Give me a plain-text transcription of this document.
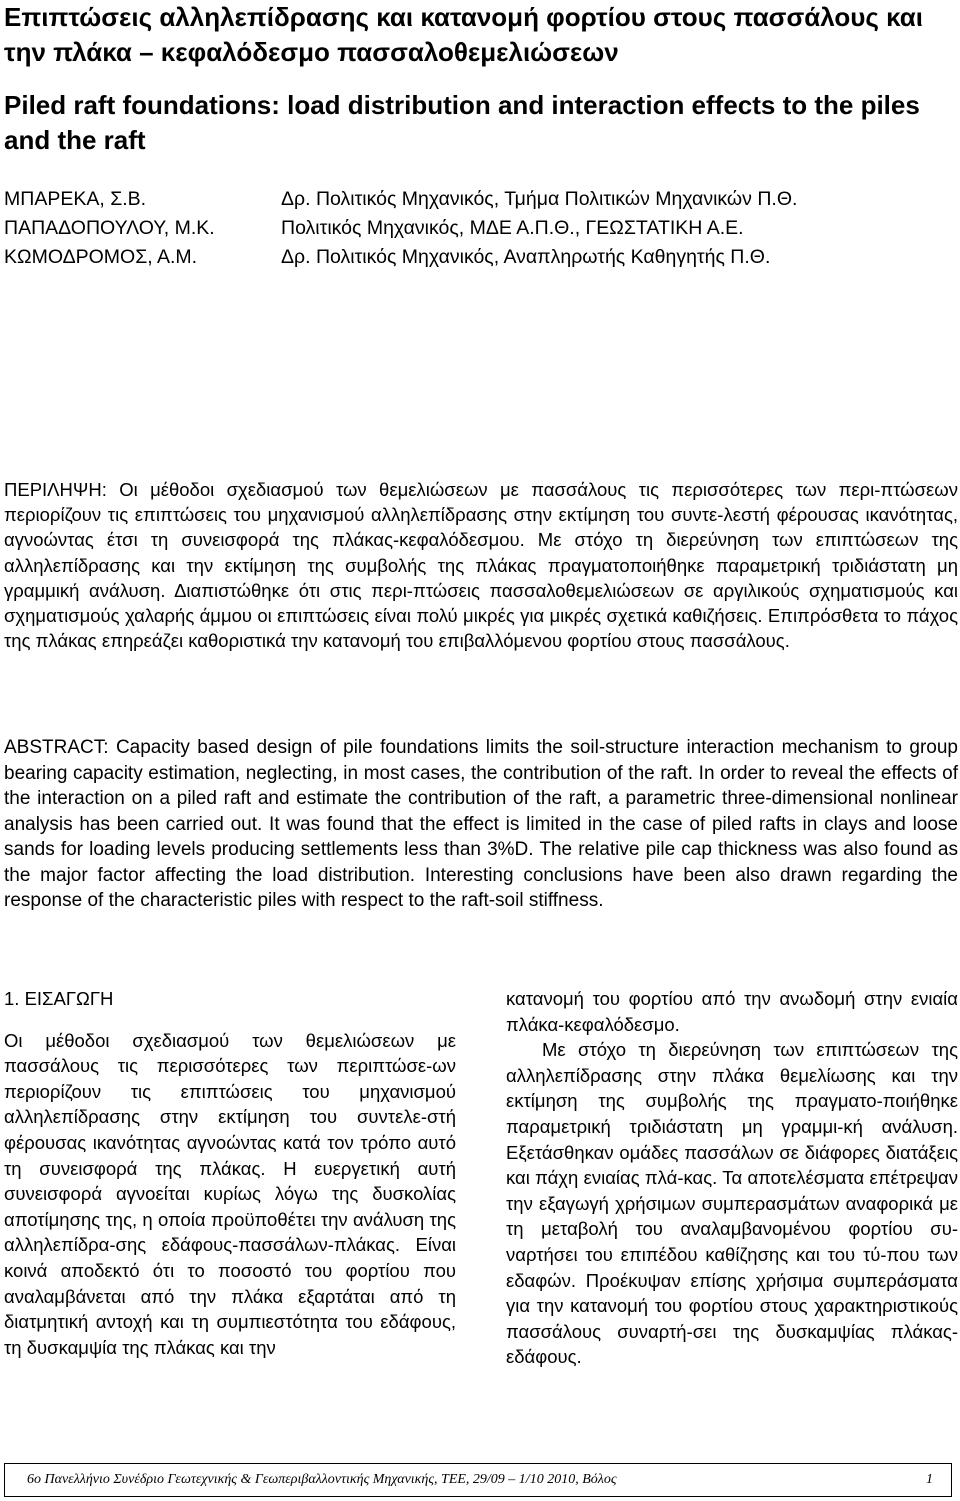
Επιπτώσεις αλληλεπίδρασης και κατανομή φορτίου στους πασσάλους και την πλάκα – κεφαλόδεσμο πασσαλοθεμελιώσεων
Piled raft foundations: load distribution and interaction effects to the piles and the raft
ΜΠΑΡΕΚΑ, Σ.Β.	Δρ. Πολιτικός Μηχανικός, Τμήμα Πολιτικών Μηχανικών Π.Θ.
ΠΑΠΑΔΟΠΟΥΛΟΥ, Μ.Κ.	Πολιτικός Μηχανικός, ΜΔΕ Α.Π.Θ., ΓΕΩΣΤΑΤΙΚΗ Α.Ε.
ΚΩΜΟΔΡΟΜΟΣ, Α.Μ.	Δρ. Πολιτικός Μηχανικός, Αναπληρωτής Καθηγητής Π.Θ.

ΠΕΡΙΛΗΨΗ: Οι μέθοδοι σχεδιασμού των θεμελιώσεων με πασσάλους τις περισσότερες των περι-πτώσεων περιορίζουν τις επιπτώσεις του μηχανισμού αλληλεπίδρασης στην εκτίμηση του συντε-λεστή φέρουσας ικανότητας, αγνοώντας έτσι τη συνεισφορά της πλάκας-κεφαλόδεσμου. Με στόχο τη διερεύνηση των επιπτώσεων της αλληλεπίδρασης και την εκτίμηση της συμβολής της πλάκας πραγματοποιήθηκε παραμετρική τριδιάστατη μη γραμμική ανάλυση. Διαπιστώθηκε ότι στις περι-πτώσεις πασσαλοθεμελιώσεων σε αργιλικούς σχηματισμούς και σχηματισμούς χαλαρής άμμου οι επιπτώσεις είναι πολύ μικρές για μικρές σχετικά καθιζήσεις. Επιπρόσθετα το πάχος της πλάκας επηρεάζει καθοριστικά την κατανομή του επιβαλλόμενου φορτίου στους πασσάλους.

ABSTRACT: Capacity based design of pile foundations limits the soil-structure interaction mechanism to group bearing capacity estimation, neglecting, in most cases, the contribution of the raft. In order to reveal the effects of the interaction on a piled raft and estimate the contribution of the raft, a parametric three-dimensional nonlinear analysis has been carried out. It was found that the effect is limited in the case of piled rafts in clays and loose sands for loading levels producing settlements less than 3%D. The relative pile cap thickness was also found as the major factor affecting the load distribution. Interesting conclusions have been also drawn regarding the response of the characteristic piles with respect to the raft-soil stiffness.

1. ΕΙΣΑΓΩΓΗ

Οι μέθοδοι σχεδιασμού των θεμελιώσεων με πασσάλους τις περισσότερες των περιπτώσε-ων περιορίζουν τις επιπτώσεις του μηχανισμού αλληλεπίδρασης στην εκτίμηση του συντελε-στή φέρουσας ικανότητας αγνοώντας κατά τον τρόπο αυτό τη συνεισφορά της πλάκας. Η ευεργετική αυτή συνεισφορά αγνοείται κυρίως λόγω της δυσκολίας αποτίμησης της, η οποία προϋποθέτει την ανάλυση της αλληλεπίδρα-σης εδάφους-πασσάλων-πλάκας. Είναι κοινά αποδεκτό ότι το ποσοστό του φορτίου που αναλαμβάνεται από την πλάκα εξαρτάται από τη διατμητική αντοχή και τη συμπιεστότητα του εδάφους, τη δυσκαμψία της πλάκας και την

κατανομή του φορτίου από την ανωδομή στην ενιαία πλάκα-κεφαλόδεσμο.

Με στόχο τη διερεύνηση των επιπτώσεων της αλληλεπίδρασης στην πλάκα θεμελίωσης και την εκτίμηση της συμβολής της πραγματο-ποιήθηκε παραμετρική τριδιάστατη μη γραμμι-κή ανάλυση. Εξετάσθηκαν ομάδες πασσάλων σε διάφορες διατάξεις και πάχη ενιαίας πλά-κας. Τα αποτελέσματα επέτρεψαν την εξαγωγή χρήσιμων συμπερασμάτων αναφορικά με τη μεταβολή του αναλαμβανομένου φορτίου συ-ναρτήσει του επιπέδου καθίζησης και του τύ-που των εδαφών. Προέκυψαν επίσης χρήσιμα συμπεράσματα για την κατανομή του φορτίου στους χαρακτηριστικούς πασσάλους συναρτή-σει της δυσκαμψίας πλάκας-εδάφους.

6ο Πανελλήνιο Συνέδριο Γεωτεχνικής & Γεωπεριβαλλοντικής Μηχανικής, ΤΕΕ, 29/09 – 1/10 2010, Βόλος	1
